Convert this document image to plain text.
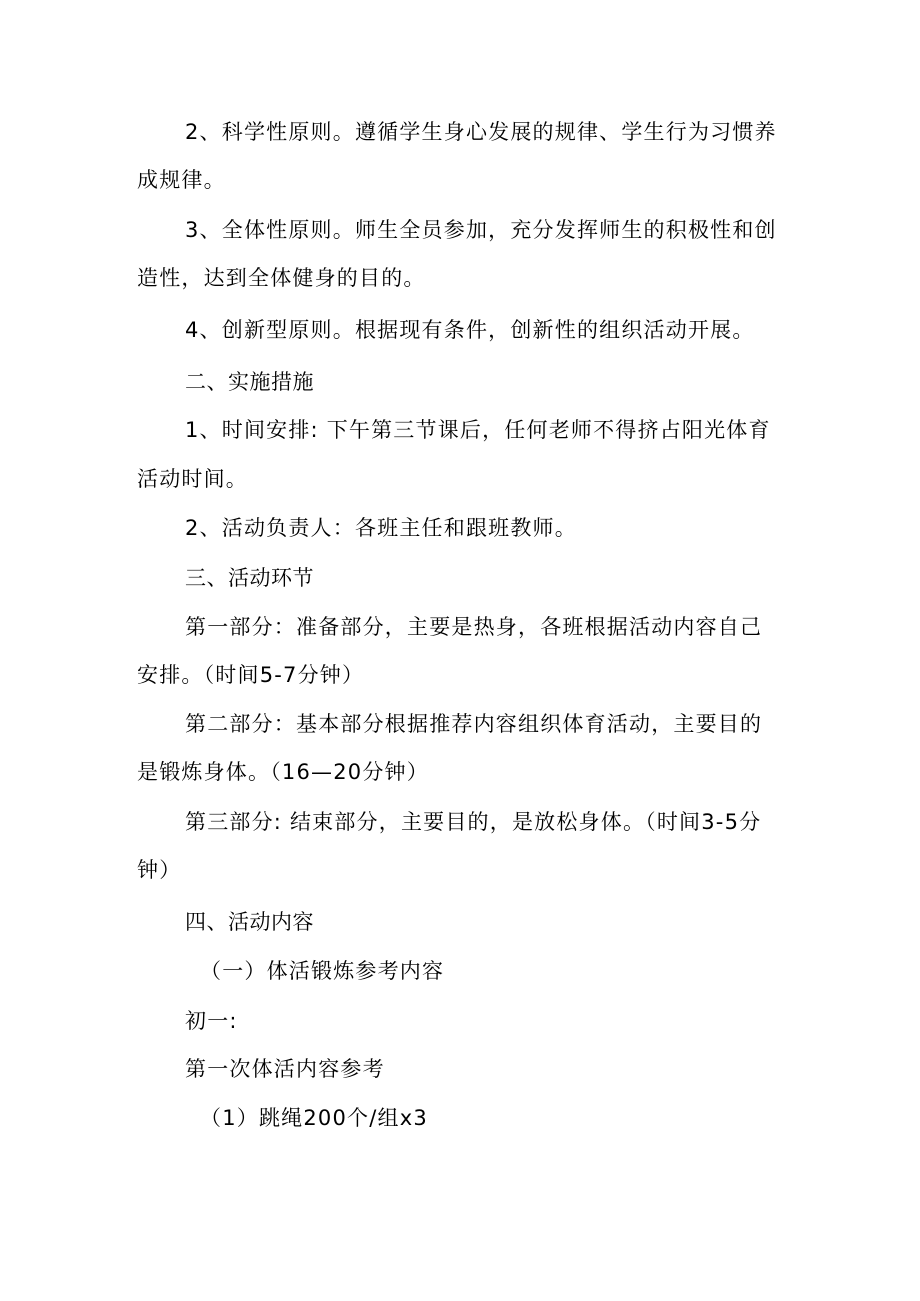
2、科学性原则。遵循学生身心发展的规律、学生行为习惯养
成规律。
3、全体性原则。师生全员参加，充分发挥师生的积极性和创
造性，达到全体健身的目的。
4、创新型原则。根据现有条件，创新性的组织活动开展。
二、实施措施
1、时间安排: 下午第三节课后，任何老师不得挤占阳光体育
活动时间。
2、活动负责人：各班主任和跟班教师。
三、活动环节
第一部分：准备部分，主要是热身，各班根据活动内容自己
安排。（时间5-7分钟）
第二部分：基本部分根据推荐内容组织体育活动，主要目的
是锻炼身体。（16—20分钟）
第三部分: 结束部分，主要目的，是放松身体。（时间3-5分
钟）
四、活动内容
（一）体活锻炼参考内容
初一:
第一次体活内容参考
（1）跳绳200个/组x3
